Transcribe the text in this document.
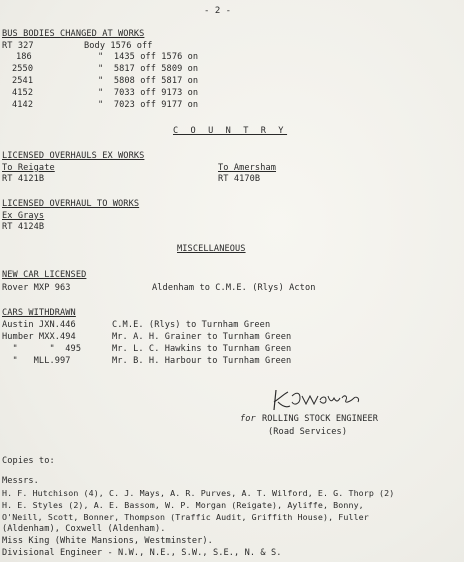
- 2 -
BUS BODIES CHANGED AT WORKS
RT 327	Body 1576 off
186	"  1435 off 1576 on
2550	"  5817 off 5809 on
2541	"  5808 off 5817 on
4152	"  7033 off 9173 on
4142	"  7023 off 9177 on
C O U N T R Y
LICENSED OVERHAULS EX WORKS
To Reigate
RT 4121B
To Amersham
RT 4170B
LICENSED OVERHAUL TO WORKS
Ex Grays
RT 4124B
MISCELLANEOUS
NEW CAR LICENSED
Rover MXP 963	Aldenham to C.M.E. (Rlys) Acton
CARS WITHDRAWN
Austin JXN.446	C.M.E. (Rlys) to Turnham Green
Humber MXX.494	Mr. A. H. Grainer to Turnham Green
"      "  495	Mr. L. C. Hawkins to Turnham Green
"   MLL.997	Mr. B. H. Harbour to Turnham Green
for ROLLING STOCK ENGINEER
(Road Services)
Copies to:
Messrs.
H. F. Hutchison (4), C. J. Mays, A. R. Purves, A. T. Wilford, E. G. Thorp (2)
H. E. Styles (2), A. E. Bassom, W. P. Morgan (Reigate), Ayliffe, Bonny,
O'Neill, Scott, Bonner, Thompson (Traffic Audit, Griffith House), Fuller
(Aldenham), Coxwell (Aldenham).
Miss King (White Mansions, Westminster).
Divisional Engineer - N.W., N.E., S.W., S.E., N. & S.
